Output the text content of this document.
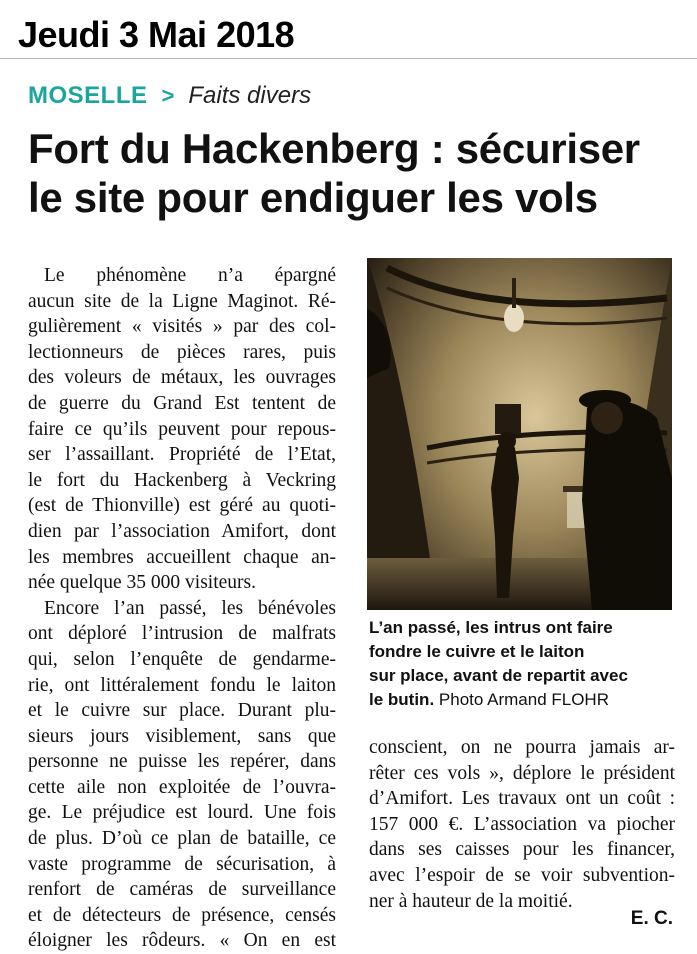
Jeudi 3 Mai 2018
MOSELLE > Faits divers
Fort du Hackenberg : sécuriser
le site pour endiguer les vols
Le phénomène n’a épargné
aucun site de la Ligne Maginot. Ré-
gulièrement « visités » par des col-
lectionneurs de pièces rares, puis
des voleurs de métaux, les ouvrages
de guerre du Grand Est tentent de
faire ce qu’ils peuvent pour repous-
ser l’assaillant. Propriété de l’Etat,
le fort du Hackenberg à Veckring
(est de Thionville) est géré au quoti-
dien par l’association Amifort, dont
les membres accueillent chaque an-
née quelque 35 000 visiteurs.
Encore l’an passé, les bénévoles
ont déploré l’intrusion de malfrats
qui, selon l’enquête de gendarme-
rie, ont littéralement fondu le laiton
et le cuivre sur place. Durant plu-
sieurs jours visiblement, sans que
personne ne puisse les repérer, dans
cette aile non exploitée de l’ouvra-
ge. Le préjudice est lourd. Une fois
de plus. D’où ce plan de bataille, ce
vaste programme de sécurisation, à
renfort de caméras de surveillance
et de détecteurs de présence, censés
éloigner les rôdeurs. « On en est
L’an passé, les intrus ont faire
fondre le cuivre et le laiton
sur place, avant de repartit avec
le butin. Photo Armand FLOHR
conscient, on ne pourra jamais ar-
rêter ces vols », déplore le président
d’Amifort. Les travaux ont un coût :
157 000 €. L’association va piocher
dans ses caisses pour les financer,
avec l’espoir de se voir subvention-
ner à hauteur de la moitié.
E. C.
